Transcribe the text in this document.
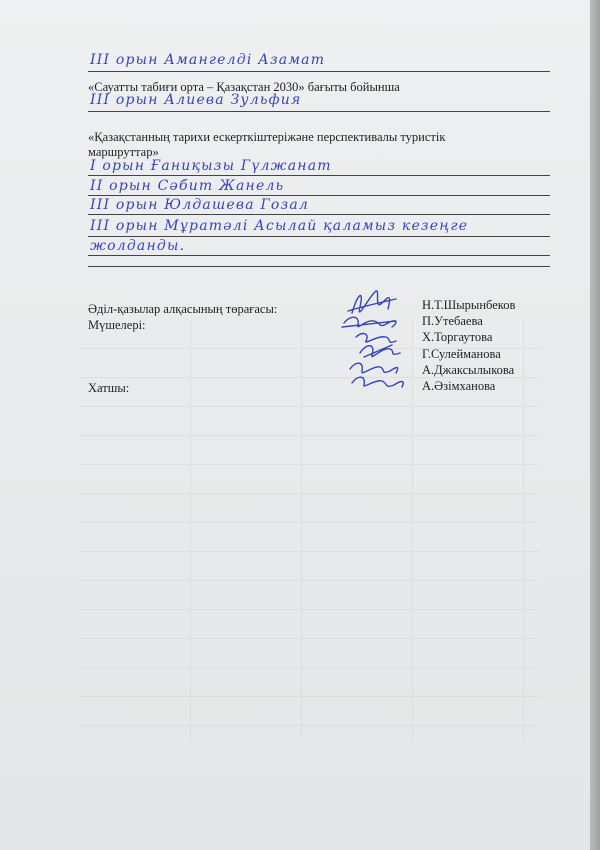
III орын Амангелді Азамат
«Сауатты табиғи орта – Қазақстан 2030» бағыты бойынша
III орын Алиева Зульфия
«Қазақстанның тарихи ескерткіштеріжәне перспективалы туристік
маршруттар»
I орын Ғаниқызы Гүлжанат
II орын Сәбит Жанель
III орын Юлдашева Гозал
III орын Мұратәлі Асылай қаламыз кезеңге
жолданды.
Әділ-қазылар алқасының төрағасы:
Мүшелері:
Хатшы:
Н.Т.Шырынбеков
П.Утебаева
Х.Торгаутова
Г.Сулейманова
А.Джаксылыкова
А.Әзімханова
